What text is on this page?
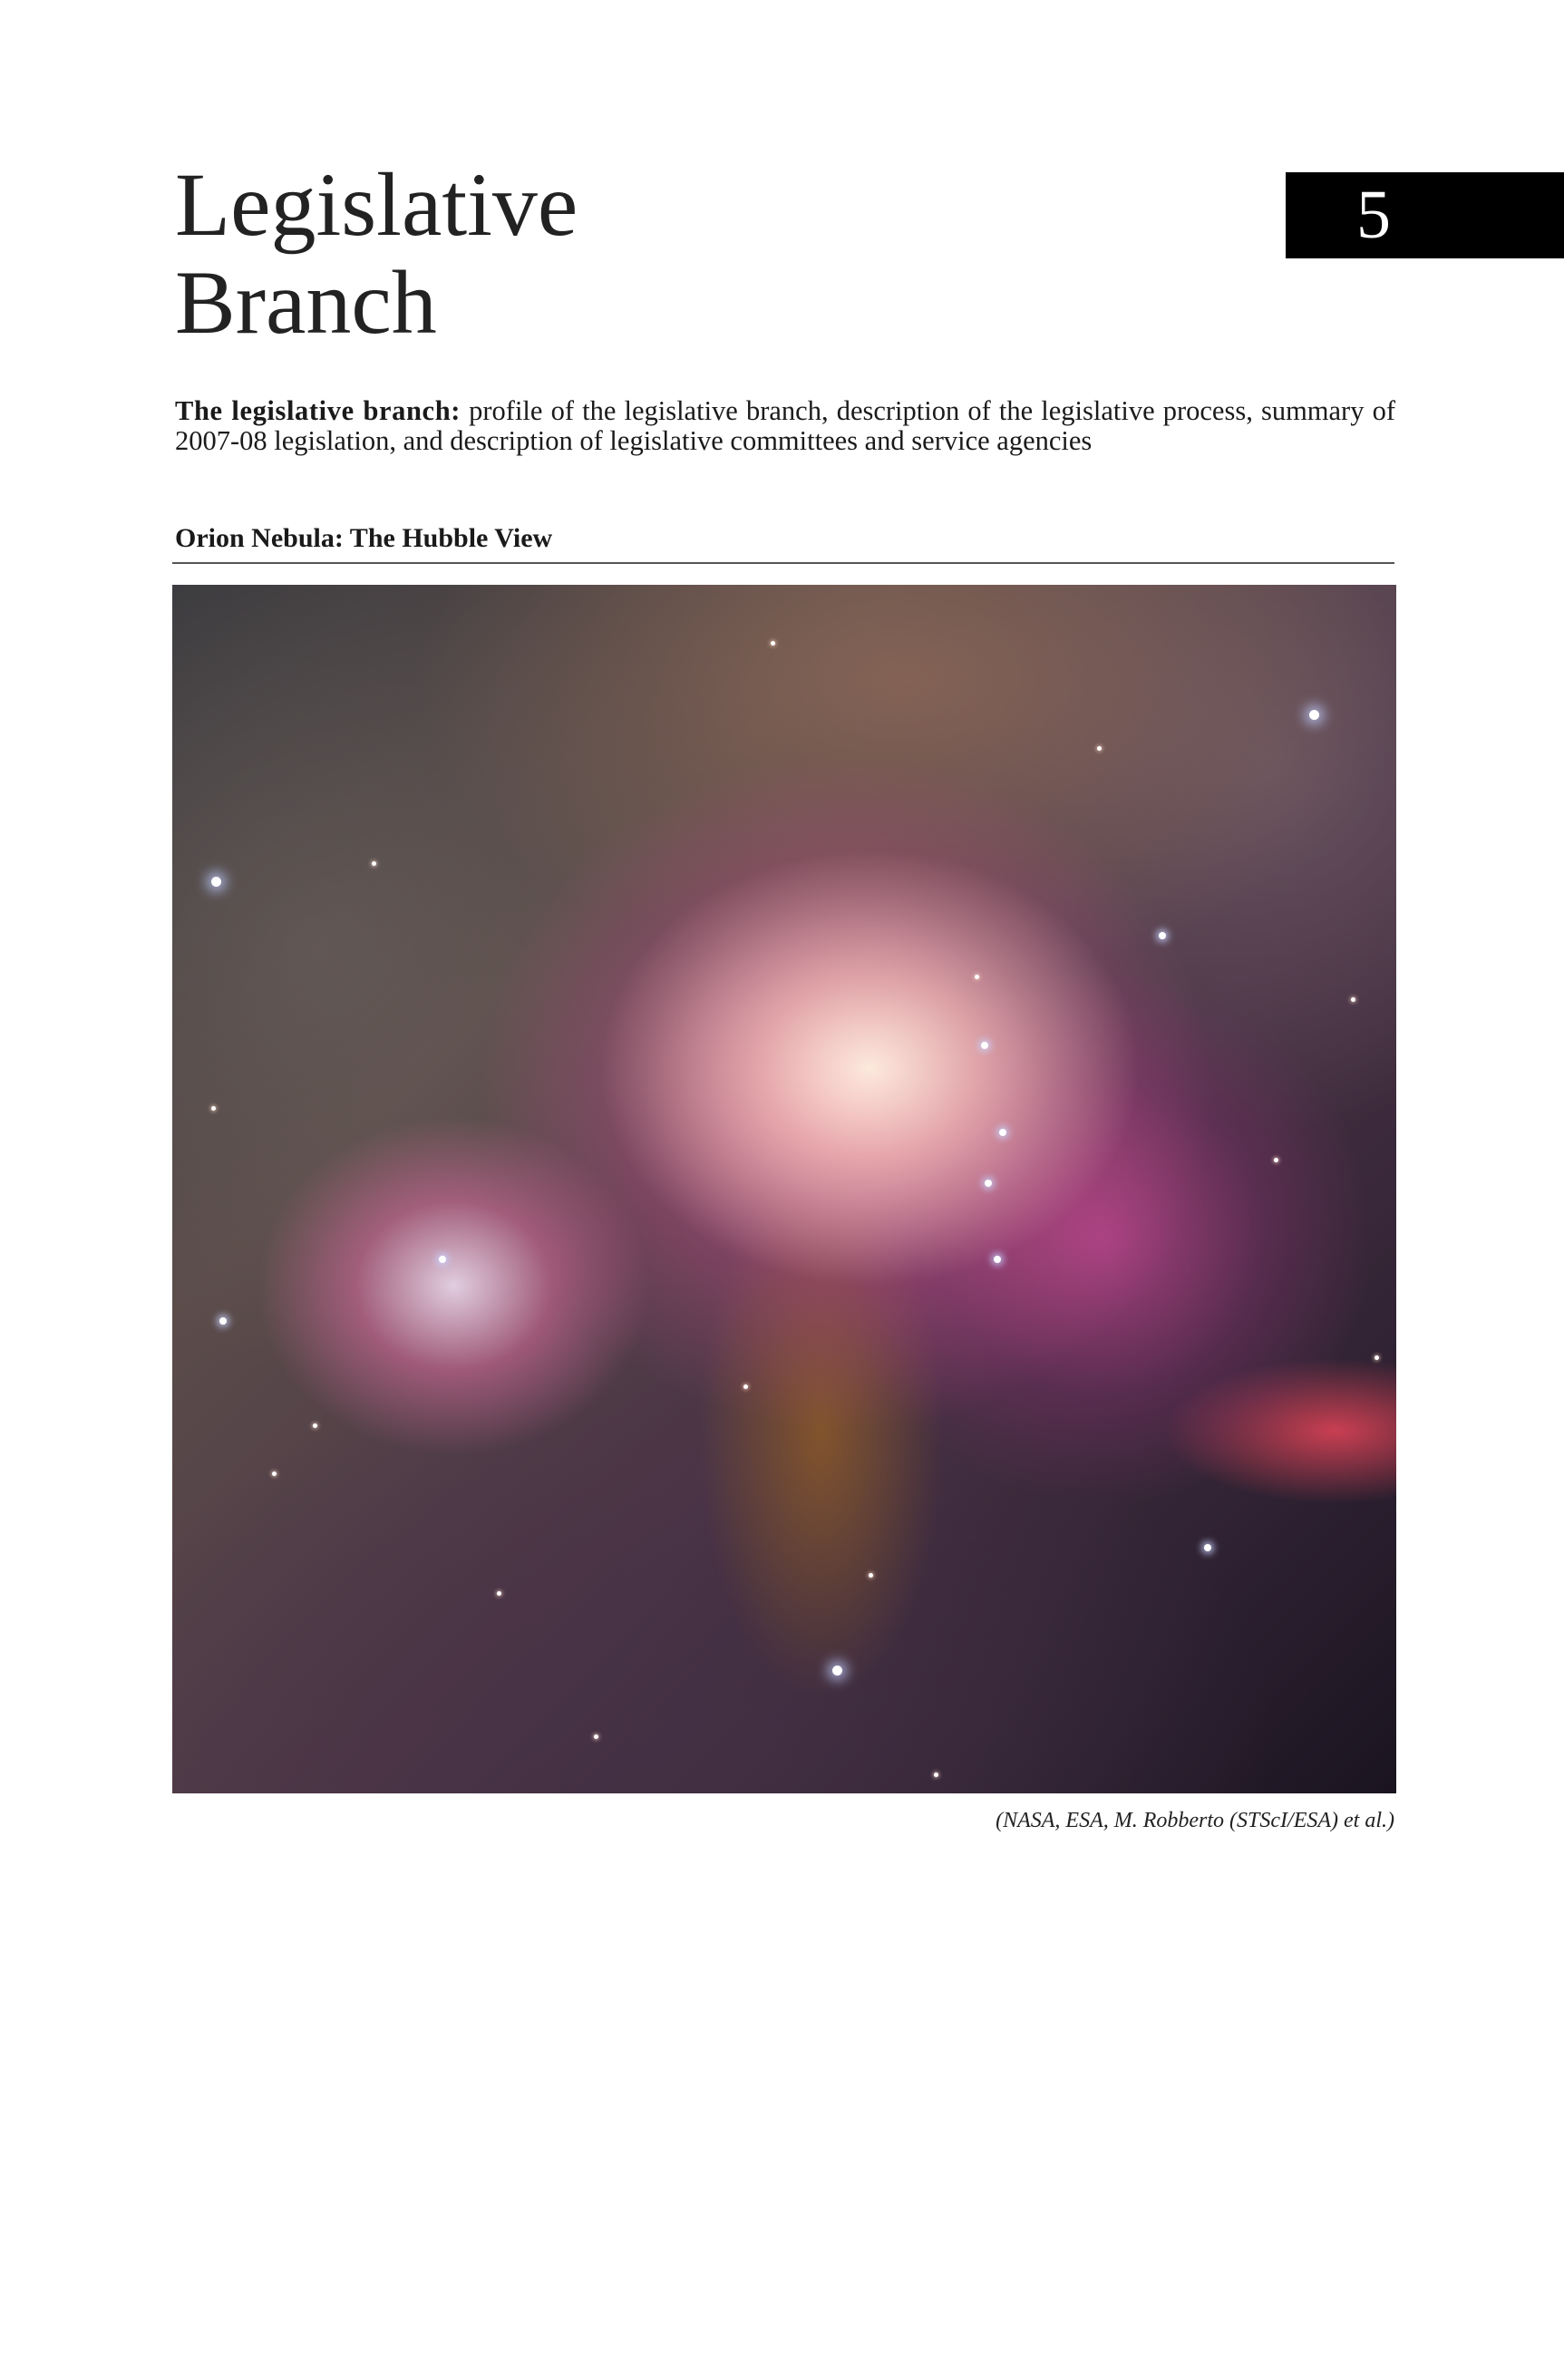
Legislative
Branch
5

The legislative branch: profile of the legislative branch, description of the legislative process, summary of 2007-08 legislation, and description of legislative committees and service agencies

Orion Nebula: The Hubble View

(NASA, ESA, M. Robberto (STScI/ESA) et al.)
